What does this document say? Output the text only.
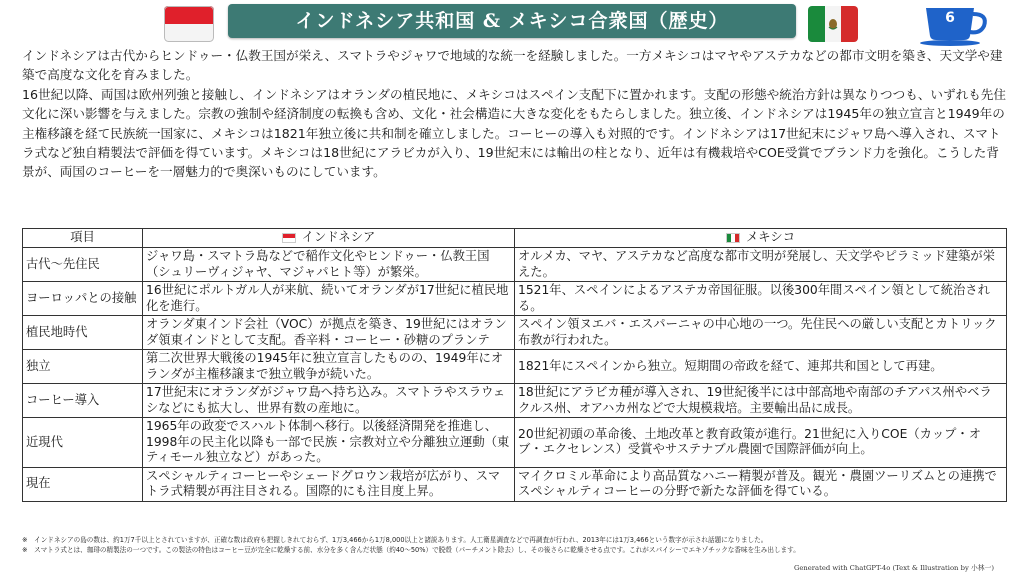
インドネシア共和国 & メキシコ合衆国（歴史）	6

インドネシアは古代からヒンドゥー・仏教王国が栄え、スマトラやジャワで地域的な統一を経験しました。一方メキシコはマヤやアステカなどの都市文明を築き、天文学や建築で高度な文化を育みました。

16世紀以降、両国は欧州列強と接触し、インドネシアはオランダの植民地に、メキシコはスペイン支配下に置かれます。支配の形態や統治方針は異なりつつも、いずれも先住文化に深い影響を与えました。宗教の強制や経済制度の転換も含め、文化・社会構造に大きな変化をもたらしました。独立後、インドネシアは1945年の独立宣言と1949年の主権移譲を経て民族統一国家に、メキシコは1821年独立後に共和制を確立しました。コーヒーの導入も対照的です。インドネシアは17世紀末にジャワ島へ導入され、スマトラ式など独自精製法で評価を得ています。メキシコは18世紀にアラビカが入り、19世紀末には輸出の柱となり、近年は有機栽培やCOE受賞でブランド力を強化。こうした背景が、両国のコーヒーを一層魅力的で奥深いものにしています。

項目	インドネシア	メキシコ
古代〜先住民	ジャワ島・スマトラ島などで稲作文化やヒンドゥー・仏教王国（シュリーヴィジャヤ、マジャパヒト等）が繁栄。	オルメカ、マヤ、アステカなど高度な都市文明が発展し、天文学やピラミッド建築が栄えた。
ヨーロッパとの接触	16世紀にポルトガル人が来航、続いてオランダが17世紀に植民地化を進行。	1521年、スペインによるアステカ帝国征服。以後300年間スペイン領として統治される。
植民地時代	オランダ東インド会社（VOC）が拠点を築き、19世紀にはオランダ領東インドとして支配。香辛料・コーヒー・砂糖のプランテ	スペイン領ヌエバ・エスパーニャの中心地の一つ。先住民への厳しい支配とカトリック布教が行われた。
独立	第二次世界大戦後の1945年に独立宣言したものの、1949年にオランダが主権移譲まで独立戦争が続いた。	1821年にスペインから独立。短期間の帝政を経て、連邦共和国として再建。
コーヒー導入	17世紀末にオランダがジャワ島へ持ち込み。スマトラやスラウェシなどにも拡大し、世界有数の産地に。	18世紀にアラビカ種が導入され、19世紀後半には中部高地や南部のチアパス州やベラクルス州、オアハカ州などで大規模栽培。主要輸出品に成長。
近現代	1965年の政変でスハルト体制へ移行。以後経済開発を推進し、1998年の民主化以降も一部で民族・宗教対立や分離独立運動（東ティモール独立など）があった。	20世紀初頭の革命後、土地改革と教育政策が進行。21世紀に入りCOE（カップ・オブ・エクセレンス）受賞やサステナブル農園で国際評価が向上。
現在	スペシャルティコーヒーやシェードグロウン栽培が広がり、スマトラ式精製が再注目される。国際的にも注目度上昇。	マイクロミル革命により高品質なハニー精製が普及。観光・農園ツーリズムとの連携でスペシャルティコーヒーの分野で新たな評価を得ている。
※　インドネシアの島の数は、約1万7千以上とされていますが、正確な数は政府も把握しきれておらず、1万3,466から1万8,000以上と諸説あります。人工衛星調査などで再調査が行われ、2013年には1万3,466という数字が示され話題になりました。
※　スマトラ式とは、珈琲の精製法の一つです。この製法の特色はコーヒー豆が完全に乾燥する前、水分を多く含んだ状態（約40〜50%）で脱殻（パーチメント除去）し、その後さらに乾燥させる点です。これがスパイシーでエキゾチックな香味を生み出します。
Generated with ChatGPT-4o (Text & Illustration by 小林一)
